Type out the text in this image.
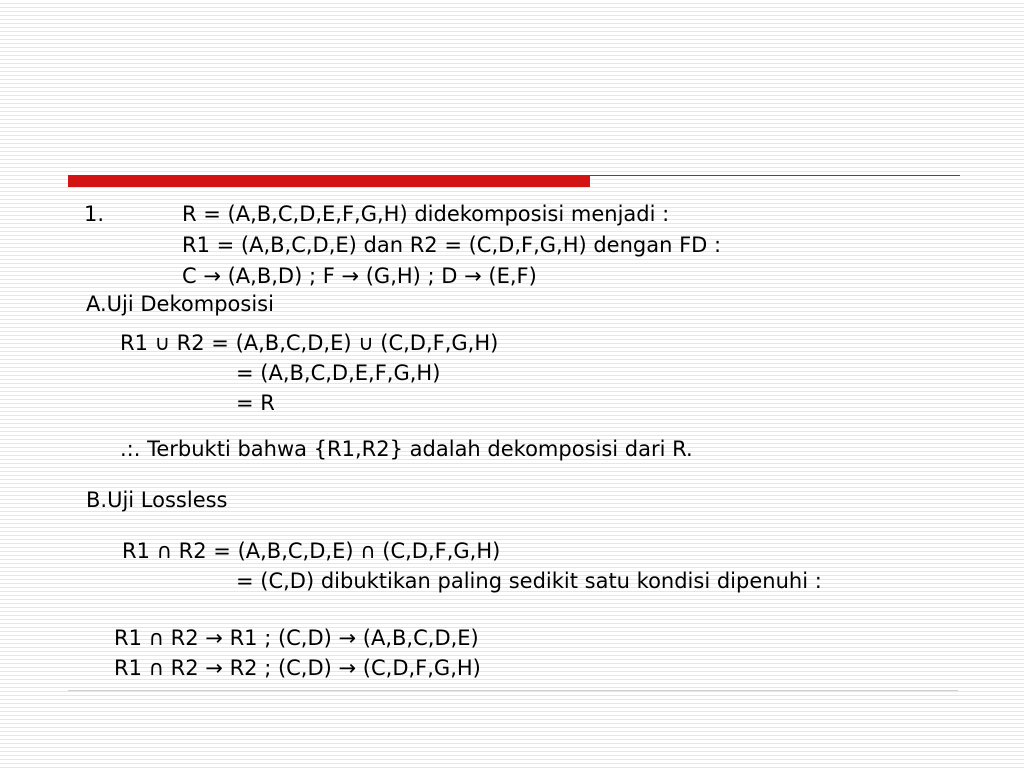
1.	R = (A,B,C,D,E,F,G,H) didekomposisi menjadi :
R1 = (A,B,C,D,E) dan R2 = (C,D,F,G,H) dengan FD :
C → (A,B,D) ; F → (G,H) ; D → (E,F)
A.Uji Dekomposisi
R1 ∪ R2 = (A,B,C,D,E) ∪ (C,D,F,G,H)
= (A,B,C,D,E,F,G,H)
= R
.:. Terbukti bahwa {R1,R2} adalah dekomposisi dari R.
B.Uji Lossless
R1 ∩ R2 = (A,B,C,D,E) ∩ (C,D,F,G,H)
= (C,D) dibuktikan paling sedikit satu kondisi dipenuhi :
R1 ∩ R2 → R1 ; (C,D) → (A,B,C,D,E)
R1 ∩ R2 → R2 ; (C,D) → (C,D,F,G,H)
